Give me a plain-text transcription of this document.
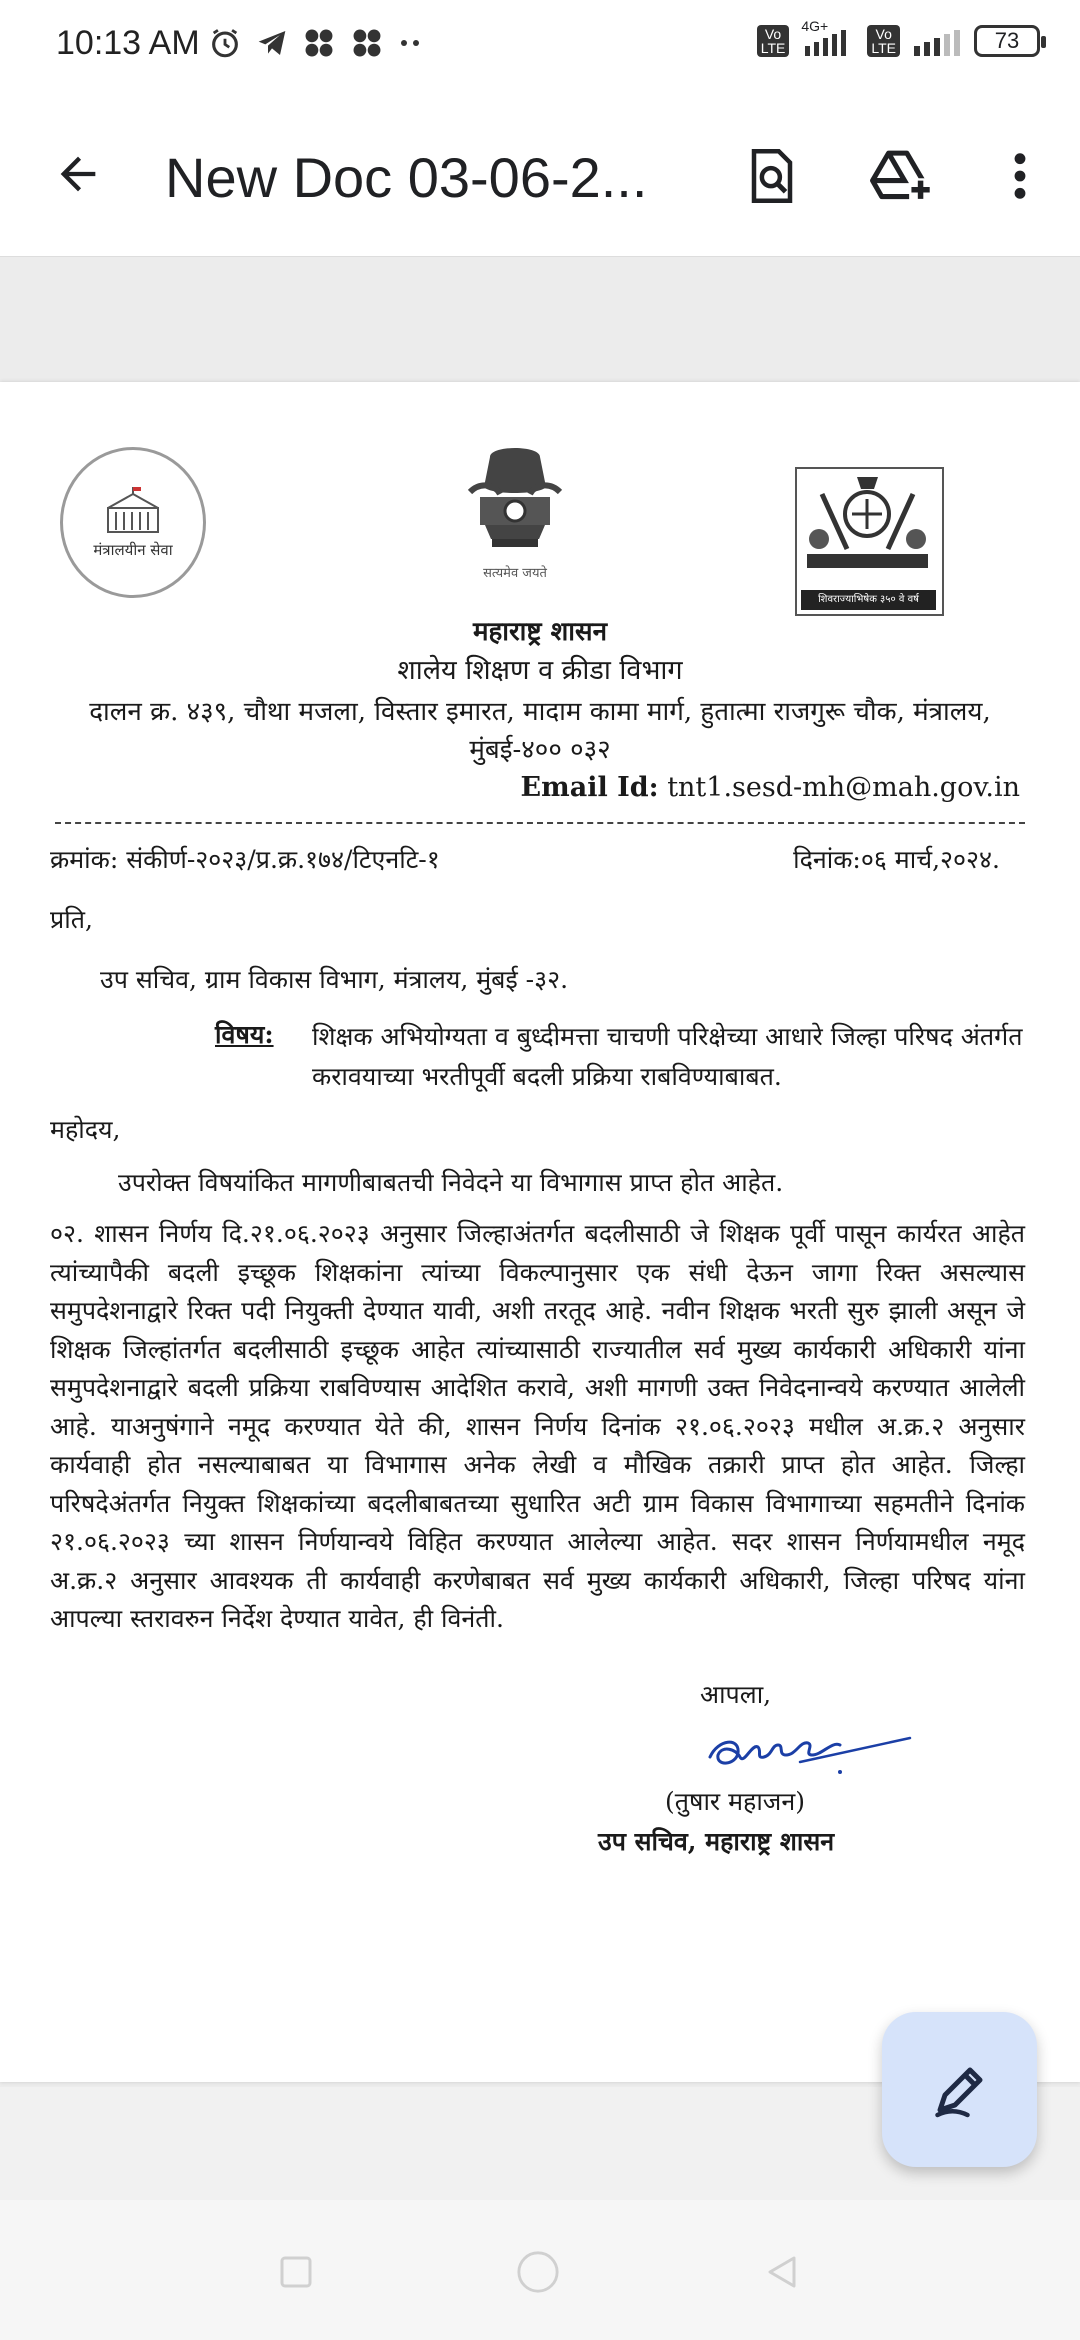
10:13 AM	Vo
LTE
4G+	Vo
LTE	73
New Doc 03-06-2...
मंत्रालयीन सेवा
सत्यमेव जयते
शिवराज्याभिषेक ३५० वे वर्ष
महाराष्ट्र शासन
शालेय शिक्षण व क्रीडा विभाग
दालन क्र. ४३९, चौथा मजला, विस्तार इमारत, मादाम कामा मार्ग, हुतात्मा राजगुरू चौक, मंत्रालय,
मुंबई-४०० ०३२
Email Id: tnt1.sesd-mh@mah.gov.in
क्रमांक: संकीर्ण-२०२३/प्र.क्र.१७४/टिएनटि-१	दिनांक:०६ मार्च,२०२४.
प्रति,
उप सचिव, ग्राम विकास विभाग, मंत्रालय, मुंबई -३२.
विषय: शिक्षक अभियोग्यता व बुध्दीमत्ता चाचणी परिक्षेच्या आधारे जिल्हा परिषद अंतर्गत करावयाच्या भरतीपूर्वी बदली प्रक्रिया राबविण्याबाबत.
महोदय,
उपरोक्त विषयांकित मागणीबाबतची निवेदने या विभागास प्राप्त होत आहेत.
०२. शासन निर्णय दि.२१.०६.२०२३ अनुसार जिल्हाअंतर्गत बदलीसाठी जे शिक्षक पूर्वी पासून कार्यरत आहेत त्यांच्यापैकी बदली इच्छूक शिक्षकांना त्यांच्या विकल्पानुसार एक संधी देऊन जागा रिक्त असल्यास समुपदेशनाद्वारे रिक्त पदी नियुक्ती देण्यात यावी, अशी तरतूद आहे. नवीन शिक्षक भरती सुरु झाली असून जे शिक्षक जिल्हांतर्गत बदलीसाठी इच्छूक आहेत त्यांच्यासाठी राज्यातील सर्व मुख्य कार्यकारी अधिकारी यांना समुपदेशनाद्वारे बदली प्रक्रिया राबविण्यास आदेशित करावे, अशी मागणी उक्त निवेदनान्वये करण्यात आलेली आहे. याअनुषंगाने नमूद करण्यात येते की, शासन निर्णय दिनांक २१.०६.२०२३ मधील अ.क्र.२ अनुसार कार्यवाही होत नसल्याबाबत या विभागास अनेक लेखी व मौखिक तक्रारी प्राप्त होत आहेत. जिल्हा परिषदेअंतर्गत नियुक्त शिक्षकांच्या बदलीबाबतच्या सुधारित अटी ग्राम विकास विभागाच्या सहमतीने दिनांक २१.०६.२०२३ च्या शासन निर्णयान्वये विहित करण्यात आलेल्या आहेत. सदर शासन निर्णयामधील नमूद अ.क्र.२ अनुसार आवश्यक ती कार्यवाही करणेबाबत सर्व मुख्य कार्यकारी अधिकारी, जिल्हा परिषद यांना आपल्या स्तरावरुन निर्देश देण्यात यावेत, ही विनंती.
आपला,
(तुषार महाजन)
उप सचिव, महाराष्ट्र शासन
